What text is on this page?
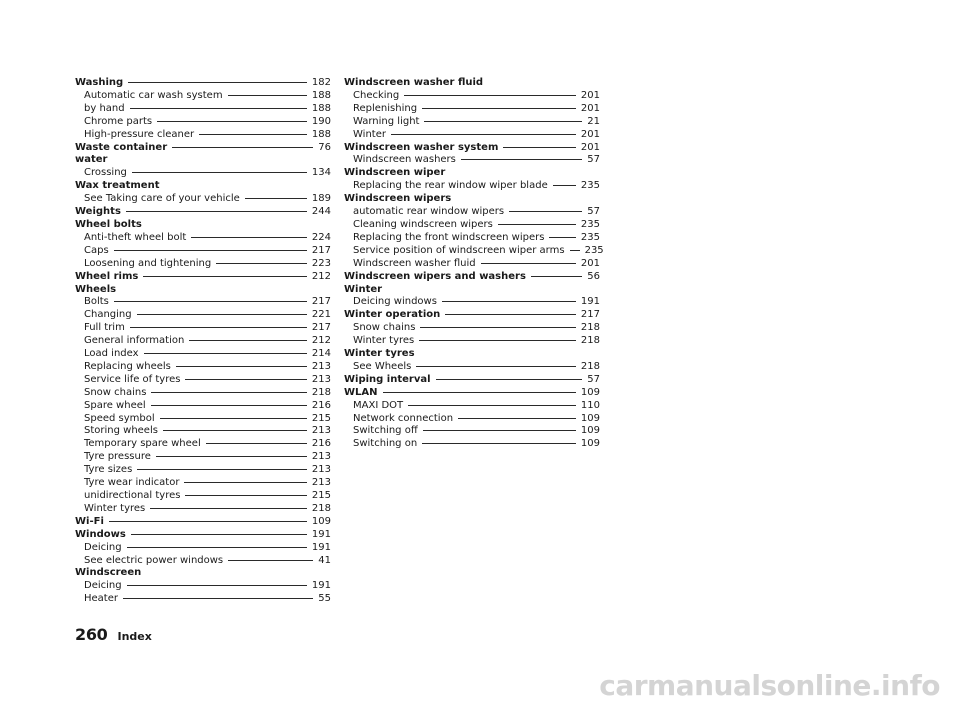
Washing	182
Automatic car wash system	188
by hand	188
Chrome parts	190
High-pressure cleaner	188
Waste container	76
water
Crossing	134
Wax treatment
See Taking care of your vehicle	189
Weights	244
Wheel bolts
Anti-theft wheel bolt	224
Caps	217
Loosening and tightening	223
Wheel rims	212
Wheels
Bolts	217
Changing	221
Full trim	217
General information	212
Load index	214
Replacing wheels	213
Service life of tyres	213
Snow chains	218
Spare wheel	216
Speed symbol	215
Storing wheels	213
Temporary spare wheel	216
Tyre pressure	213
Tyre sizes	213
Tyre wear indicator	213
unidirectional tyres	215
Winter tyres	218
Wi-Fi	109
Windows	191
Deicing	191
See electric power windows	41
Windscreen
Deicing	191
Heater	55
Windscreen washer fluid
Checking	201
Replenishing	201
Warning light	21
Winter	201
Windscreen washer system	201
Windscreen washers	57
Windscreen wiper
Replacing the rear window wiper blade	235
Windscreen wipers
automatic rear window wipers	57
Cleaning windscreen wipers	235
Replacing the front windscreen wipers	235
Service position of windscreen wiper arms 235
Windscreen washer fluid	201
Windscreen wipers and washers	56
Winter
Deicing windows	191
Winter operation	217
Snow chains	218
Winter tyres	218
Winter tyres
See Wheels	218
Wiping interval	57
WLAN	109
MAXI DOT	110
Network connection	109
Switching off	109
Switching on	109
260 Index
carmanualsonline.info
